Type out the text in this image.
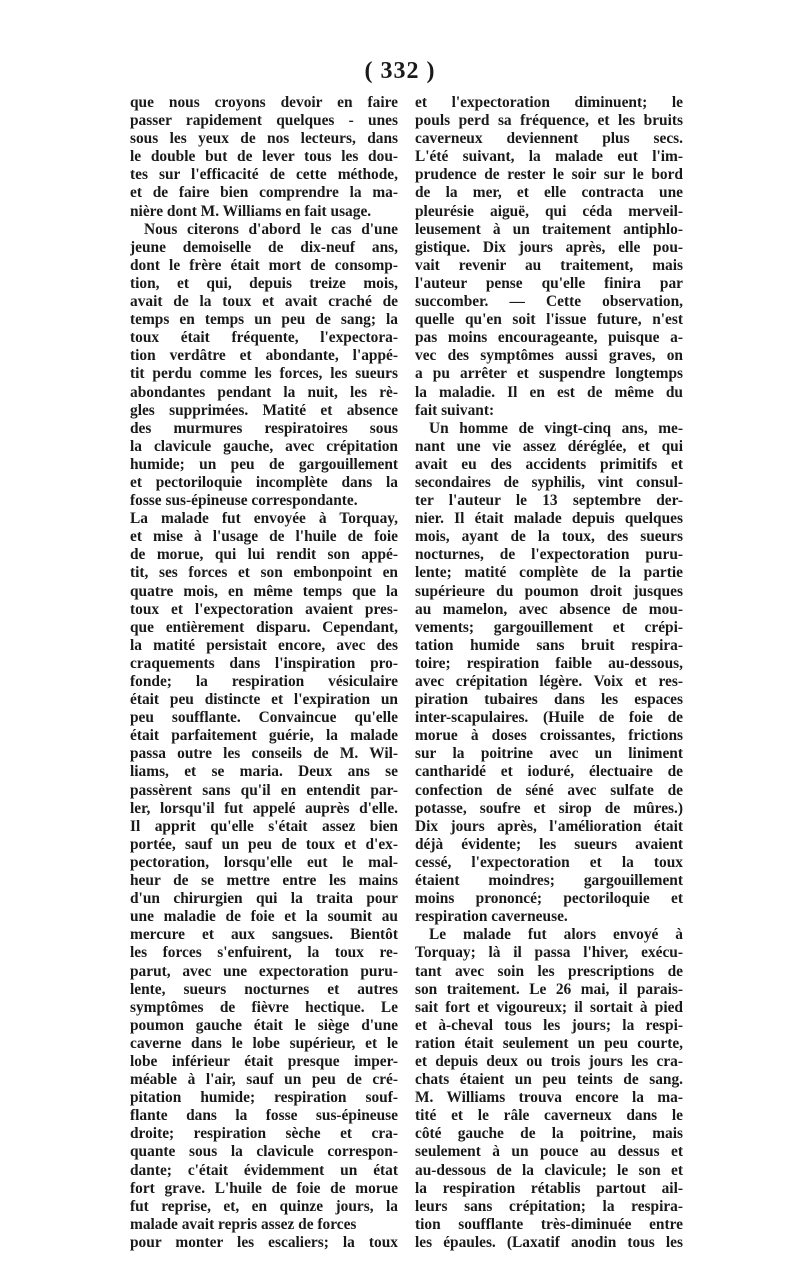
( 332 )
que nous croyons devoir en faire
passer rapidement quelques - unes
sous les yeux de nos lecteurs, dans
le double but de lever tous les dou-
tes sur l'efficacité de cette méthode,
et de faire bien comprendre la ma-
nière dont M. Williams en fait usage.
Nous citerons d'abord le cas d'une
jeune demoiselle de dix-neuf ans,
dont le frère était mort de consomp-
tion, et qui, depuis treize mois,
avait de la toux et avait craché de
temps en temps un peu de sang; la
toux était fréquente, l'expectora-
tion verdâtre et abondante, l'appé-
tit perdu comme les forces, les sueurs
abondantes pendant la nuit, les rè-
gles supprimées. Matité et absence
des murmures respiratoires sous
la clavicule gauche, avec crépitation
humide; un peu de gargouillement
et pectoriloquie incomplète dans la
fosse sus-épineuse correspondante.
La malade fut envoyée à Torquay,
et mise à l'usage de l'huile de foie
de morue, qui lui rendit son appé-
tit, ses forces et son embonpoint en
quatre mois, en même temps que la
toux et l'expectoration avaient pres-
que entièrement disparu. Cependant,
la matité persistait encore, avec des
craquements dans l'inspiration pro-
fonde; la respiration vésiculaire
était peu distincte et l'expiration un
peu soufflante. Convaincue qu'elle
était parfaitement guérie, la malade
passa outre les conseils de M. Wil-
liams, et se maria. Deux ans se
passèrent sans qu'il en entendit par-
ler, lorsqu'il fut appelé auprès d'elle.
Il apprit qu'elle s'était assez bien
portée, sauf un peu de toux et d'ex-
pectoration, lorsqu'elle eut le mal-
heur de se mettre entre les mains
d'un chirurgien qui la traita pour
une maladie de foie et la soumit au
mercure et aux sangsues. Bientôt
les forces s'enfuirent, la toux re-
parut, avec une expectoration puru-
lente, sueurs nocturnes et autres
symptômes de fièvre hectique. Le
poumon gauche était le siège d'une
caverne dans le lobe supérieur, et le
lobe inférieur était presque imper-
méable à l'air, sauf un peu de cré-
pitation humide; respiration souf-
flante dans la fosse sus-épineuse
droite; respiration sèche et cra-
quante sous la clavicule correspon-
dante; c'était évidemment un état
fort grave. L'huile de foie de morue
fut reprise, et, en quinze jours, la
malade avait repris assez de forces
pour monter les escaliers; la toux
et l'expectoration diminuent; le
pouls perd sa fréquence, et les bruits
caverneux deviennent plus secs.
L'été suivant, la malade eut l'im-
prudence de rester le soir sur le bord
de la mer, et elle contracta une
pleurésie aiguë, qui céda merveil-
leusement à un traitement antiphlo-
gistique. Dix jours après, elle pou-
vait revenir au traitement, mais
l'auteur pense qu'elle finira par
succomber. — Cette observation,
quelle qu'en soit l'issue future, n'est
pas moins encourageante, puisque a-
vec des symptômes aussi graves, on
a pu arrêter et suspendre longtemps
la maladie. Il en est de même du
fait suivant:
Un homme de vingt-cinq ans, me-
nant une vie assez déréglée, et qui
avait eu des accidents primitifs et
secondaires de syphilis, vint consul-
ter l'auteur le 13 septembre der-
nier. Il était malade depuis quelques
mois, ayant de la toux, des sueurs
nocturnes, de l'expectoration puru-
lente; matité complète de la partie
supérieure du poumon droit jusques
au mamelon, avec absence de mou-
vements; gargouillement et crépi-
tation humide sans bruit respira-
toire; respiration faible au-dessous,
avec crépitation légère. Voix et res-
piration tubaires dans les espaces
inter-scapulaires. (Huile de foie de
morue à doses croissantes, frictions
sur la poitrine avec un liniment
cantharidé et ioduré, électuaire de
confection de séné avec sulfate de
potasse, soufre et sirop de mûres.)
Dix jours après, l'amélioration était
déjà évidente; les sueurs avaient
cessé, l'expectoration et la toux
étaient moindres; gargouillement
moins prononcé; pectoriloquie et
respiration caverneuse.
Le malade fut alors envoyé à
Torquay; là il passa l'hiver, exécu-
tant avec soin les prescriptions de
son traitement. Le 26 mai, il parais-
sait fort et vigoureux; il sortait à pied
et à-cheval tous les jours; la respi-
ration était seulement un peu courte,
et depuis deux ou trois jours les cra-
chats étaient un peu teints de sang.
M. Williams trouva encore la ma-
tité et le râle caverneux dans le
côté gauche de la poitrine, mais
seulement à un pouce au dessus et
au-dessous de la clavicule; le son et
la respiration rétablis partout ail-
leurs sans crépitation; la respira-
tion soufflante très-diminuée entre
les épaules. (Laxatif anodin tous les
